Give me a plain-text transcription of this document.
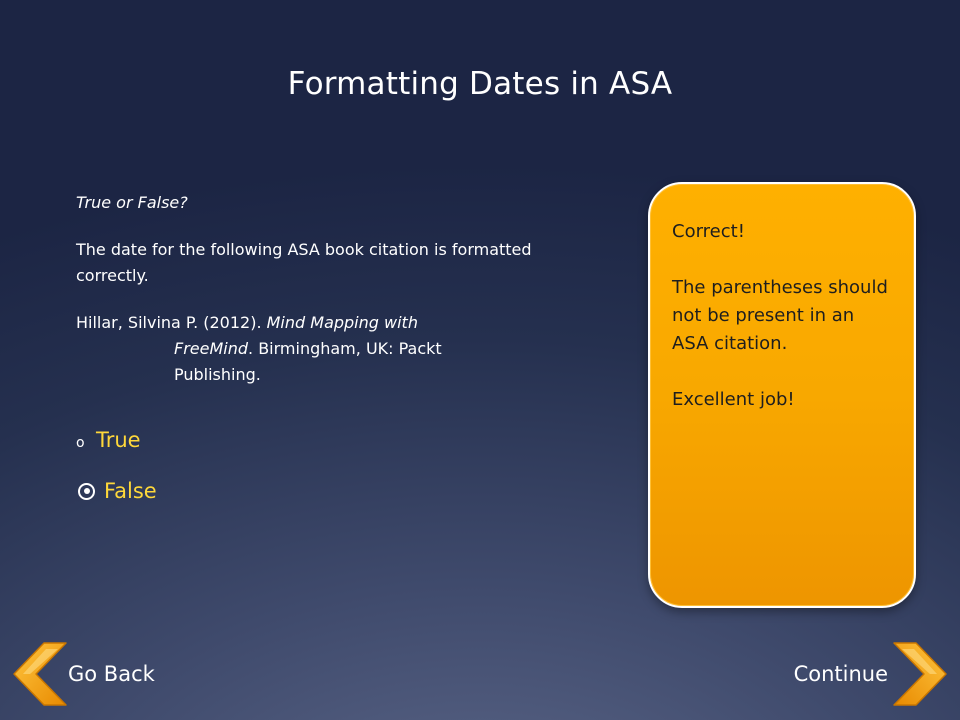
Formatting Dates in ASA

True or False?

The date for the following ASA book citation is formatted correctly.

Hillar, Silvina P. (2012). Mind Mapping with
FreeMind. Birmingham, UK: Packt
Publishing.

o True
False

Correct!

The parentheses should not be present in an ASA citation.

Excellent job!

Go Back	Continue
